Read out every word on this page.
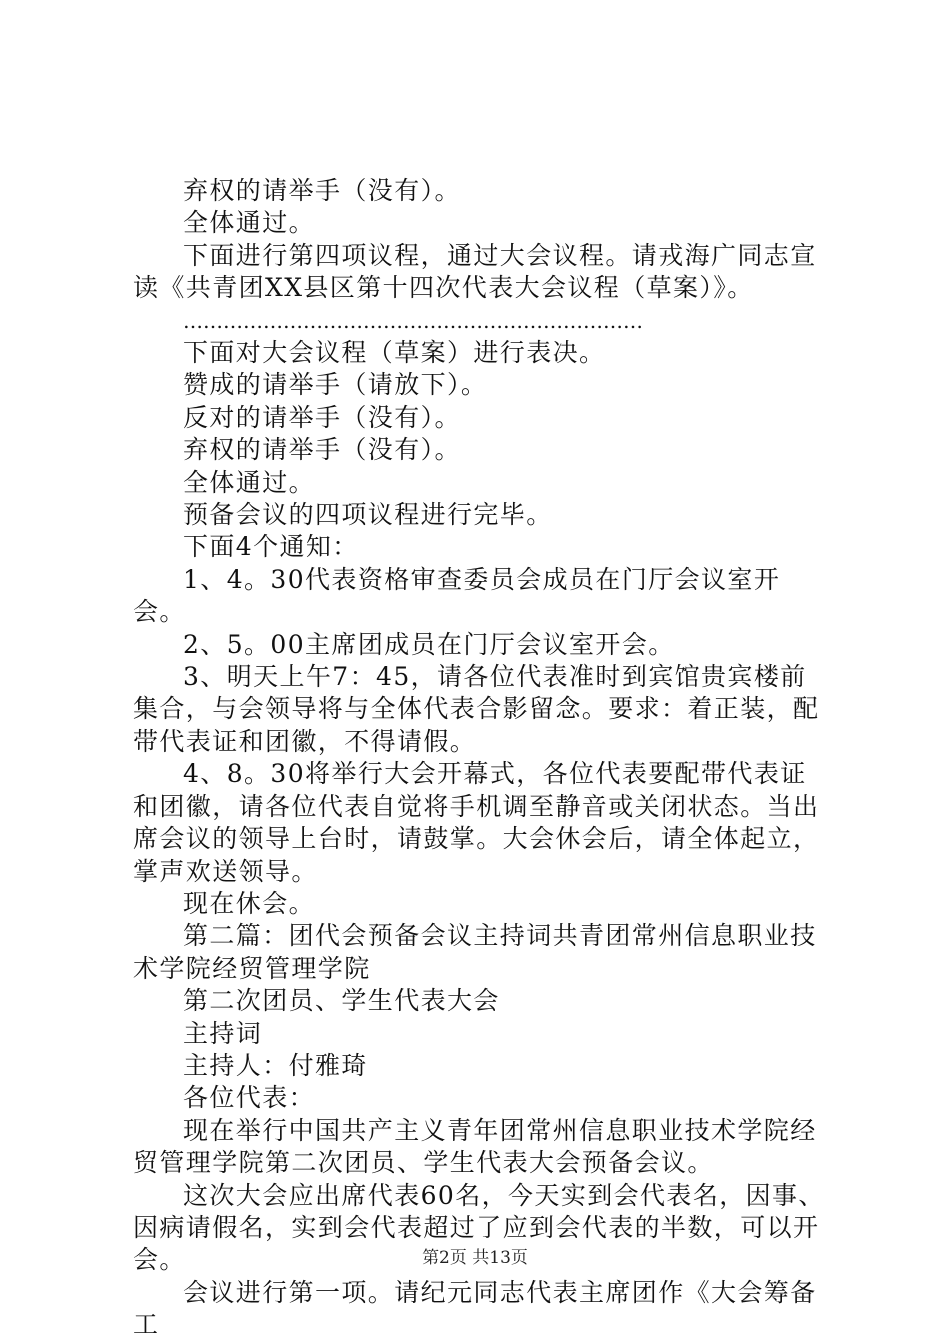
弃权的请举手（没有）。

全体通过。

下面进行第四项议程，通过大会议程。请戎海广同志宣读《共青团XX县区第十四次代表大会议程（草案）》。

……………………………………………………………

下面对大会议程（草案）进行表决。

赞成的请举手（请放下）。

反对的请举手（没有）。

弃权的请举手（没有）。

全体通过。

预备会议的四项议程进行完毕。

下面4个通知：

1、4。30代表资格审查委员会成员在门厅会议室开会。

2、5。00主席团成员在门厅会议室开会。

3、明天上午7：45，请各位代表准时到宾馆贵宾楼前集合，与会领导将与全体代表合影留念。要求：着正装，配带代表证和团徽，不得请假。

4、8。30将举行大会开幕式，各位代表要配带代表证和团徽，请各位代表自觉将手机调至静音或关闭状态。当出席会议的领导上台时，请鼓掌。大会休会后，请全体起立，掌声欢送领导。

现在休会。

第二篇：团代会预备会议主持词共青团常州信息职业技术学院经贸管理学院

第二次团员、学生代表大会

主持词

主持人：付雅琦

各位代表：

现在举行中国共产主义青年团常州信息职业技术学院经贸管理学院第二次团员、学生代表大会预备会议。

这次大会应出席代表60名，今天实到会代表名，因事、因病请假名，实到会代表超过了应到会代表的半数，可以开会。

会议进行第一项。请纪元同志代表主席团作《大会筹备工

第2页 共13页
